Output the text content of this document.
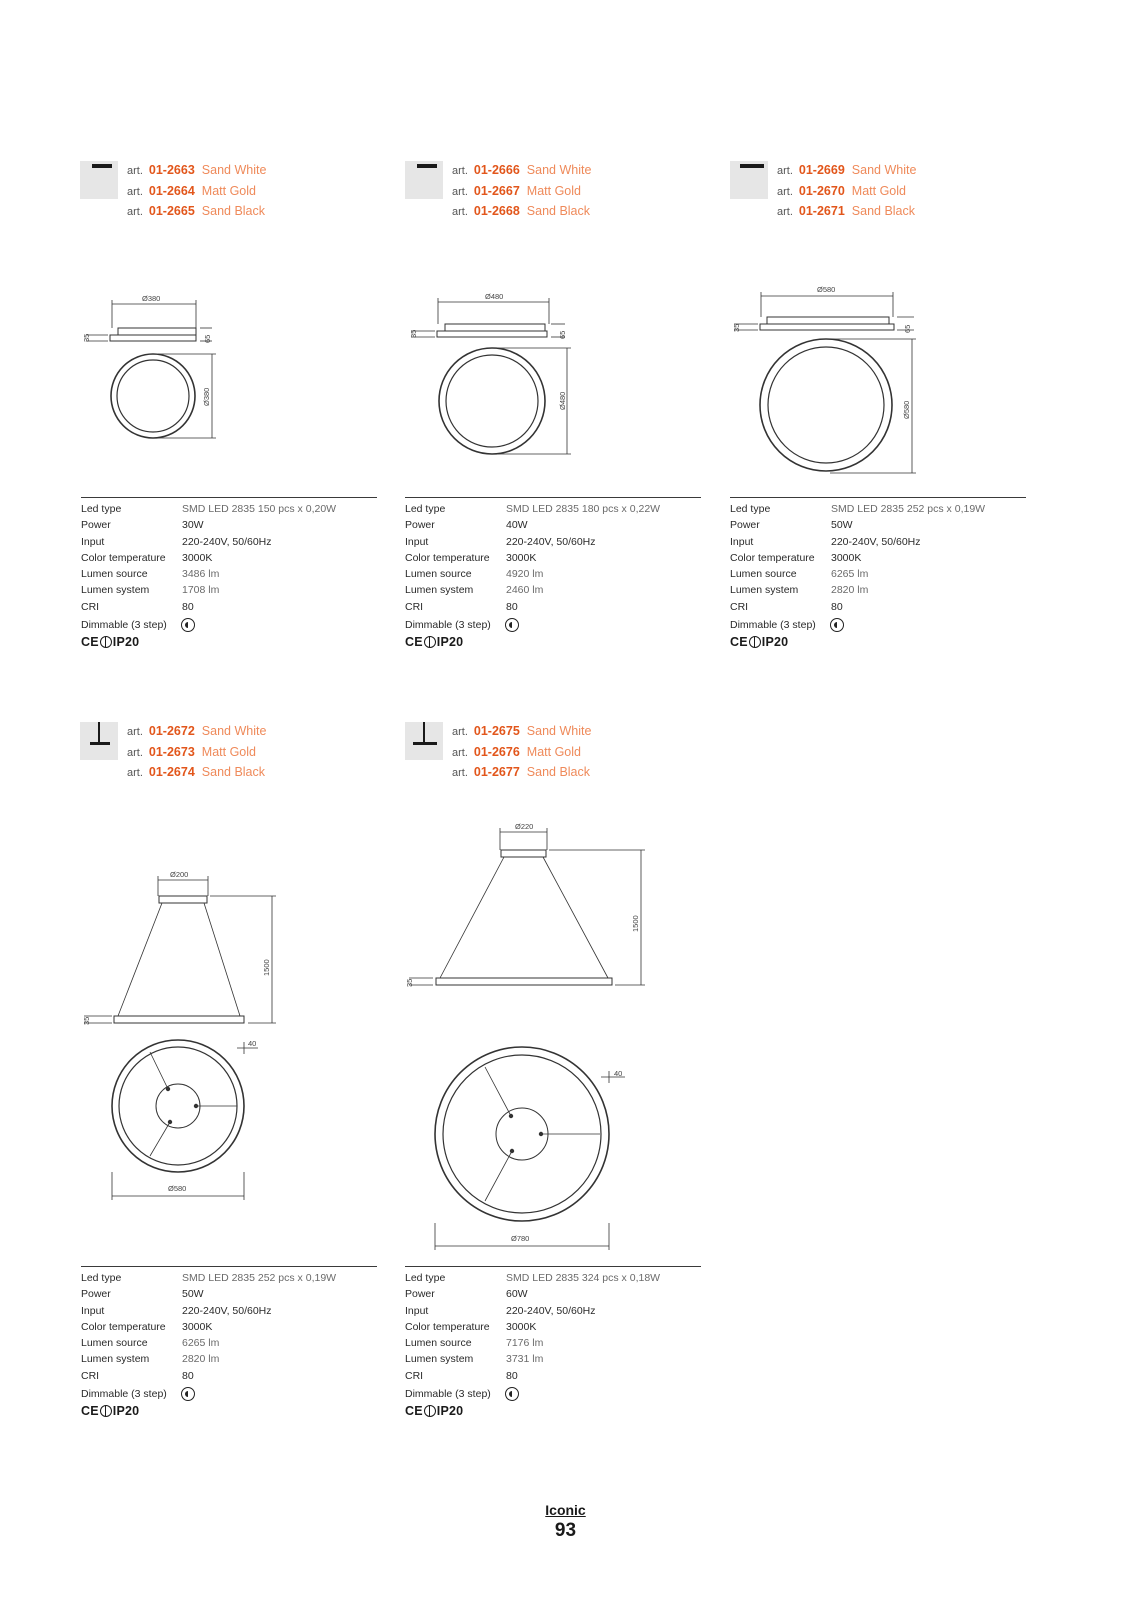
art. 01-2663 Sand White
art. 01-2664 Matt Gold
art. 01-2665 Sand Black
Ø380
35	65
Ø380
Led type	SMD LED 2835 150 pcs x 0,20W
Power	30W
Input	220-240V, 50/60Hz
Color temperature	3000K
Lumen source	3486 lm
Lumen system	1708 lm
CRI	80
Dimmable (3 step)
CE IP20
art. 01-2666 Sand White
art. 01-2667 Matt Gold
art. 01-2668 Sand Black
Ø480
35	65
Ø480
Led type	SMD LED 2835 180 pcs x 0,22W
Power	40W
Input	220-240V, 50/60Hz
Color temperature	3000K
Lumen source	4920 lm
Lumen system	2460 lm
CRI	80
Dimmable (3 step)
CE IP20
art. 01-2669 Sand White
art. 01-2670 Matt Gold
art. 01-2671 Sand Black
Ø580
35	65
Ø580
Led type	SMD LED 2835 252 pcs x 0,19W
Power	50W
Input	220-240V, 50/60Hz
Color temperature	3000K
Lumen source	6265 lm
Lumen system	2820 lm
CRI	80
Dimmable (3 step)
CE IP20
art. 01-2672 Sand White
art. 01-2673 Matt Gold
art. 01-2674 Sand Black
Ø200
1500
35
40
Ø580
Led type	SMD LED 2835 252 pcs x 0,19W
Power	50W
Input	220-240V, 50/60Hz
Color temperature	3000K
Lumen source	6265 lm
Lumen system	2820 lm
CRI	80
Dimmable (3 step)
CE IP20
art. 01-2675 Sand White
art. 01-2676 Matt Gold
art. 01-2677 Sand Black
Ø220
1500
35
40
Ø780
Led type	SMD LED 2835 324 pcs x 0,18W
Power	60W
Input	220-240V, 50/60Hz
Color temperature	3000K
Lumen source	7176 lm
Lumen system	3731 lm
CRI	80
Dimmable (3 step)
CE IP20
Iconic
93
